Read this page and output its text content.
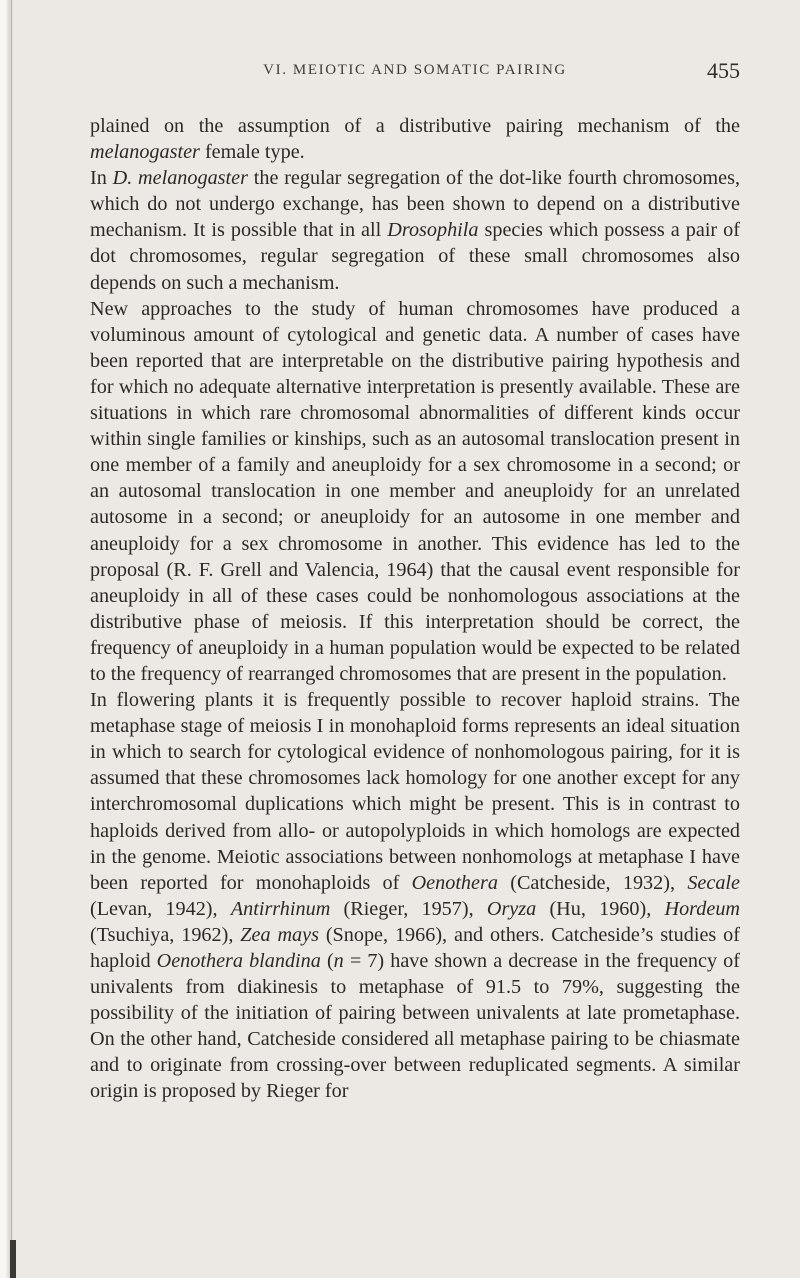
VI. MEIOTIC AND SOMATIC PAIRING	455

plained on the assumption of a distributive pairing mechanism of the melanogaster female type.

In D. melanogaster the regular segregation of the dot-like fourth chromosomes, which do not undergo exchange, has been shown to depend on a distributive mechanism. It is possible that in all Drosophila species which possess a pair of dot chromosomes, regular segregation of these small chromosomes also depends on such a mechanism.

New approaches to the study of human chromosomes have produced a voluminous amount of cytological and genetic data. A number of cases have been reported that are interpretable on the distributive pairing hypothesis and for which no adequate alternative interpretation is presently available. These are situations in which rare chromosomal abnormalities of different kinds occur within single families or kinships, such as an autosomal translocation present in one member of a family and aneuploidy for a sex chromosome in a second; or an autosomal translocation in one member and aneuploidy for an unrelated autosome in a second; or aneuploidy for an autosome in one member and aneuploidy for a sex chromosome in another. This evidence has led to the proposal (R. F. Grell and Valencia, 1964) that the causal event responsible for aneuploidy in all of these cases could be nonhomologous associations at the distributive phase of meiosis. If this interpretation should be correct, the frequency of aneuploidy in a human population would be expected to be related to the frequency of rearranged chromosomes that are present in the population.

In flowering plants it is frequently possible to recover haploid strains. The metaphase stage of meiosis I in monohaploid forms represents an ideal situation in which to search for cytological evidence of nonhomologous pairing, for it is assumed that these chromosomes lack homology for one another except for any interchromosomal duplications which might be present. This is in contrast to haploids derived from allo- or autopolyploids in which homologs are expected in the genome. Meiotic associations between nonhomologs at metaphase I have been reported for monohaploids of Oenothera (Catcheside, 1932), Secale (Levan, 1942), Antirrhinum (Rieger, 1957), Oryza (Hu, 1960), Hordeum (Tsuchiya, 1962), Zea mays (Snope, 1966), and others. Catcheside’s studies of haploid Oenothera blandina (n = 7) have shown a decrease in the frequency of univalents from diakinesis to metaphase of 91.5 to 79%, suggesting the possibility of the initiation of pairing between univalents at late prometaphase. On the other hand, Catcheside considered all metaphase pairing to be chiasmate and to originate from crossing-over between reduplicated segments. A similar origin is proposed by Rieger for
